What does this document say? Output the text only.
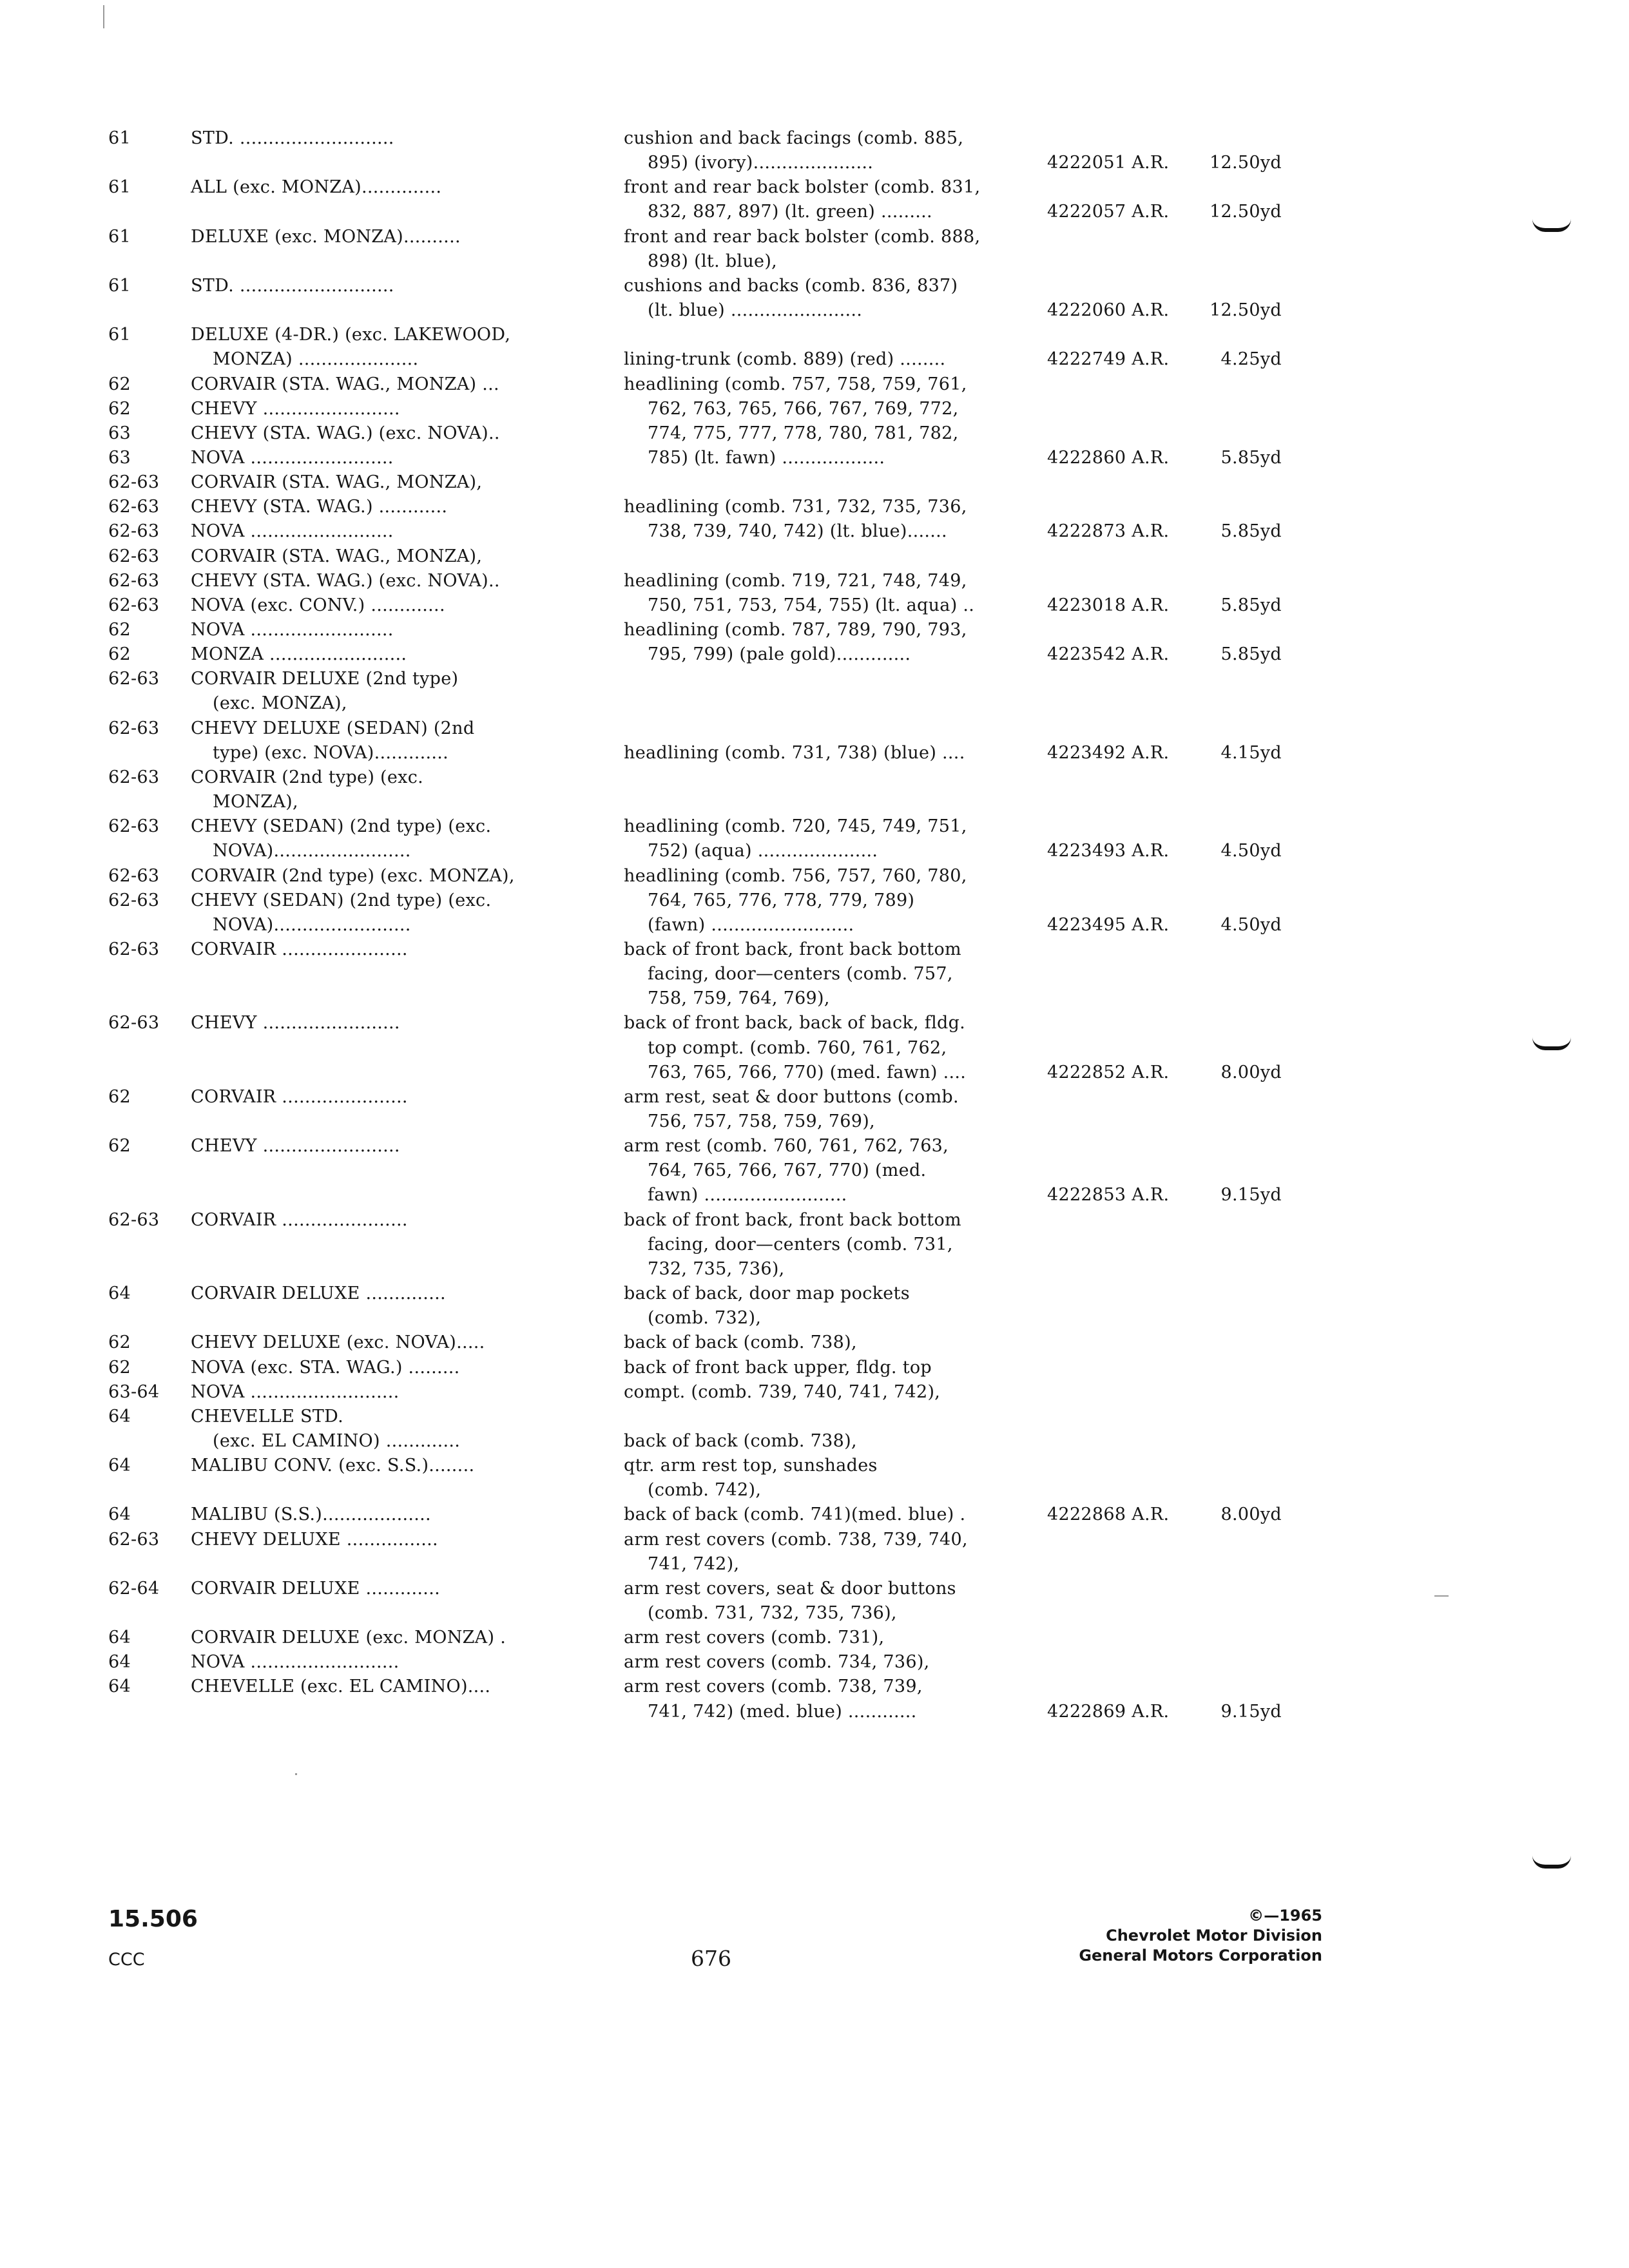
61	STD. ...........................	cushion and back facings (comb. 885,
895) (ivory).....................	4222051 A.R.	12.50yd
61	ALL (exc. MONZA)..............	front and rear back bolster (comb. 831,
832, 887, 897) (lt. green) .........	4222057 A.R.	12.50yd
61	DELUXE (exc. MONZA)..........	front and rear back bolster (comb. 888,
898) (lt. blue),
61	STD. ...........................	cushions and backs (comb. 836, 837)
(lt. blue) .......................	4222060 A.R.	12.50yd
61	DELUXE (4-DR.) (exc. LAKEWOOD,
MONZA) .....................	lining-trunk (comb. 889) (red) ........	4222749 A.R.	4.25yd
62	CORVAIR (STA. WAG., MONZA) ...	headlining (comb. 757, 758, 759, 761,
62	CHEVY ........................	762, 763, 765, 766, 767, 769, 772,
63	CHEVY (STA. WAG.) (exc. NOVA)..	774, 775, 777, 778, 780, 781, 782,
63	NOVA .........................	785) (lt. fawn) ..................	4222860 A.R.	5.85yd
62-63 CORVAIR (STA. WAG., MONZA),
62-63 CHEVY (STA. WAG.) ............	headlining (comb. 731, 732, 735, 736,
62-63 NOVA .........................	738, 739, 740, 742) (lt. blue).......	4222873 A.R.	5.85yd
62-63 CORVAIR (STA. WAG., MONZA),
62-63 CHEVY (STA. WAG.) (exc. NOVA)..	headlining (comb. 719, 721, 748, 749,
62-63 NOVA (exc. CONV.) .............	750, 751, 753, 754, 755) (lt. aqua) ..	4223018 A.R.	5.85yd
62	NOVA .........................	headlining (comb. 787, 789, 790, 793,
62	MONZA ........................	795, 799) (pale gold).............	4223542 A.R.	5.85yd
62-63 CORVAIR DELUXE (2nd type)
(exc. MONZA),
62-63 CHEVY DELUXE (SEDAN) (2nd
type) (exc. NOVA).............	headlining (comb. 731, 738) (blue) ....	4223492 A.R.	4.15yd
62-63 CORVAIR (2nd type) (exc.
MONZA),
62-63 CHEVY (SEDAN) (2nd type) (exc.	headlining (comb. 720, 745, 749, 751,
NOVA)........................	752) (aqua) .....................	4223493 A.R.	4.50yd
62-63 CORVAIR (2nd type) (exc. MONZA),	headlining (comb. 756, 757, 760, 780,
62-63 CHEVY (SEDAN) (2nd type) (exc.	764, 765, 776, 778, 779, 789)
NOVA)........................	(fawn) .........................	4223495 A.R.	4.50yd
62-63 CORVAIR ......................	back of front back, front back bottom
facing, door—centers (comb. 757,
758, 759, 764, 769),
62-63 CHEVY ........................	back of front back, back of back, fldg.
top compt. (comb. 760, 761, 762,
763, 765, 766, 770) (med. fawn) ....	4222852 A.R.	8.00yd
62	CORVAIR ......................	arm rest, seat & door buttons (comb.
756, 757, 758, 759, 769),
62	CHEVY ........................	arm rest (comb. 760, 761, 762, 763,
764, 765, 766, 767, 770) (med.
fawn) .........................	4222853 A.R.	9.15yd
62-63 CORVAIR ......................	back of front back, front back bottom
facing, door—centers (comb. 731,
732, 735, 736),
64	CORVAIR DELUXE ..............	back of back, door map pockets
(comb. 732),
62	CHEVY DELUXE (exc. NOVA).....	back of back (comb. 738),
62	NOVA (exc. STA. WAG.) .........	back of front back upper, fldg. top
63-64 NOVA ..........................	compt. (comb. 739, 740, 741, 742),
64	CHEVELLE STD.
(exc. EL CAMINO) .............	back of back (comb. 738),
64	MALIBU CONV. (exc. S.S.)........	qtr. arm rest top, sunshades
(comb. 742),
64	MALIBU (S.S.)...................	back of back (comb. 741)(med. blue) .	4222868 A.R.	8.00yd
62-63 CHEVY DELUXE ................	arm rest covers (comb. 738, 739, 740,
741, 742),
62-64 CORVAIR DELUXE .............	arm rest covers, seat & door buttons
(comb. 731, 732, 735, 736),
64	CORVAIR DELUXE (exc. MONZA) .	arm rest covers (comb. 731),
64	NOVA ..........................	arm rest covers (comb. 734, 736),
64	CHEVELLE (exc. EL CAMINO)....	arm rest covers (comb. 738, 739,
741, 742) (med. blue) ............	4222869 A.R.	9.15yd
15.506
CCC	676
©—1965
Chevrolet Motor Division
General Motors Corporation
